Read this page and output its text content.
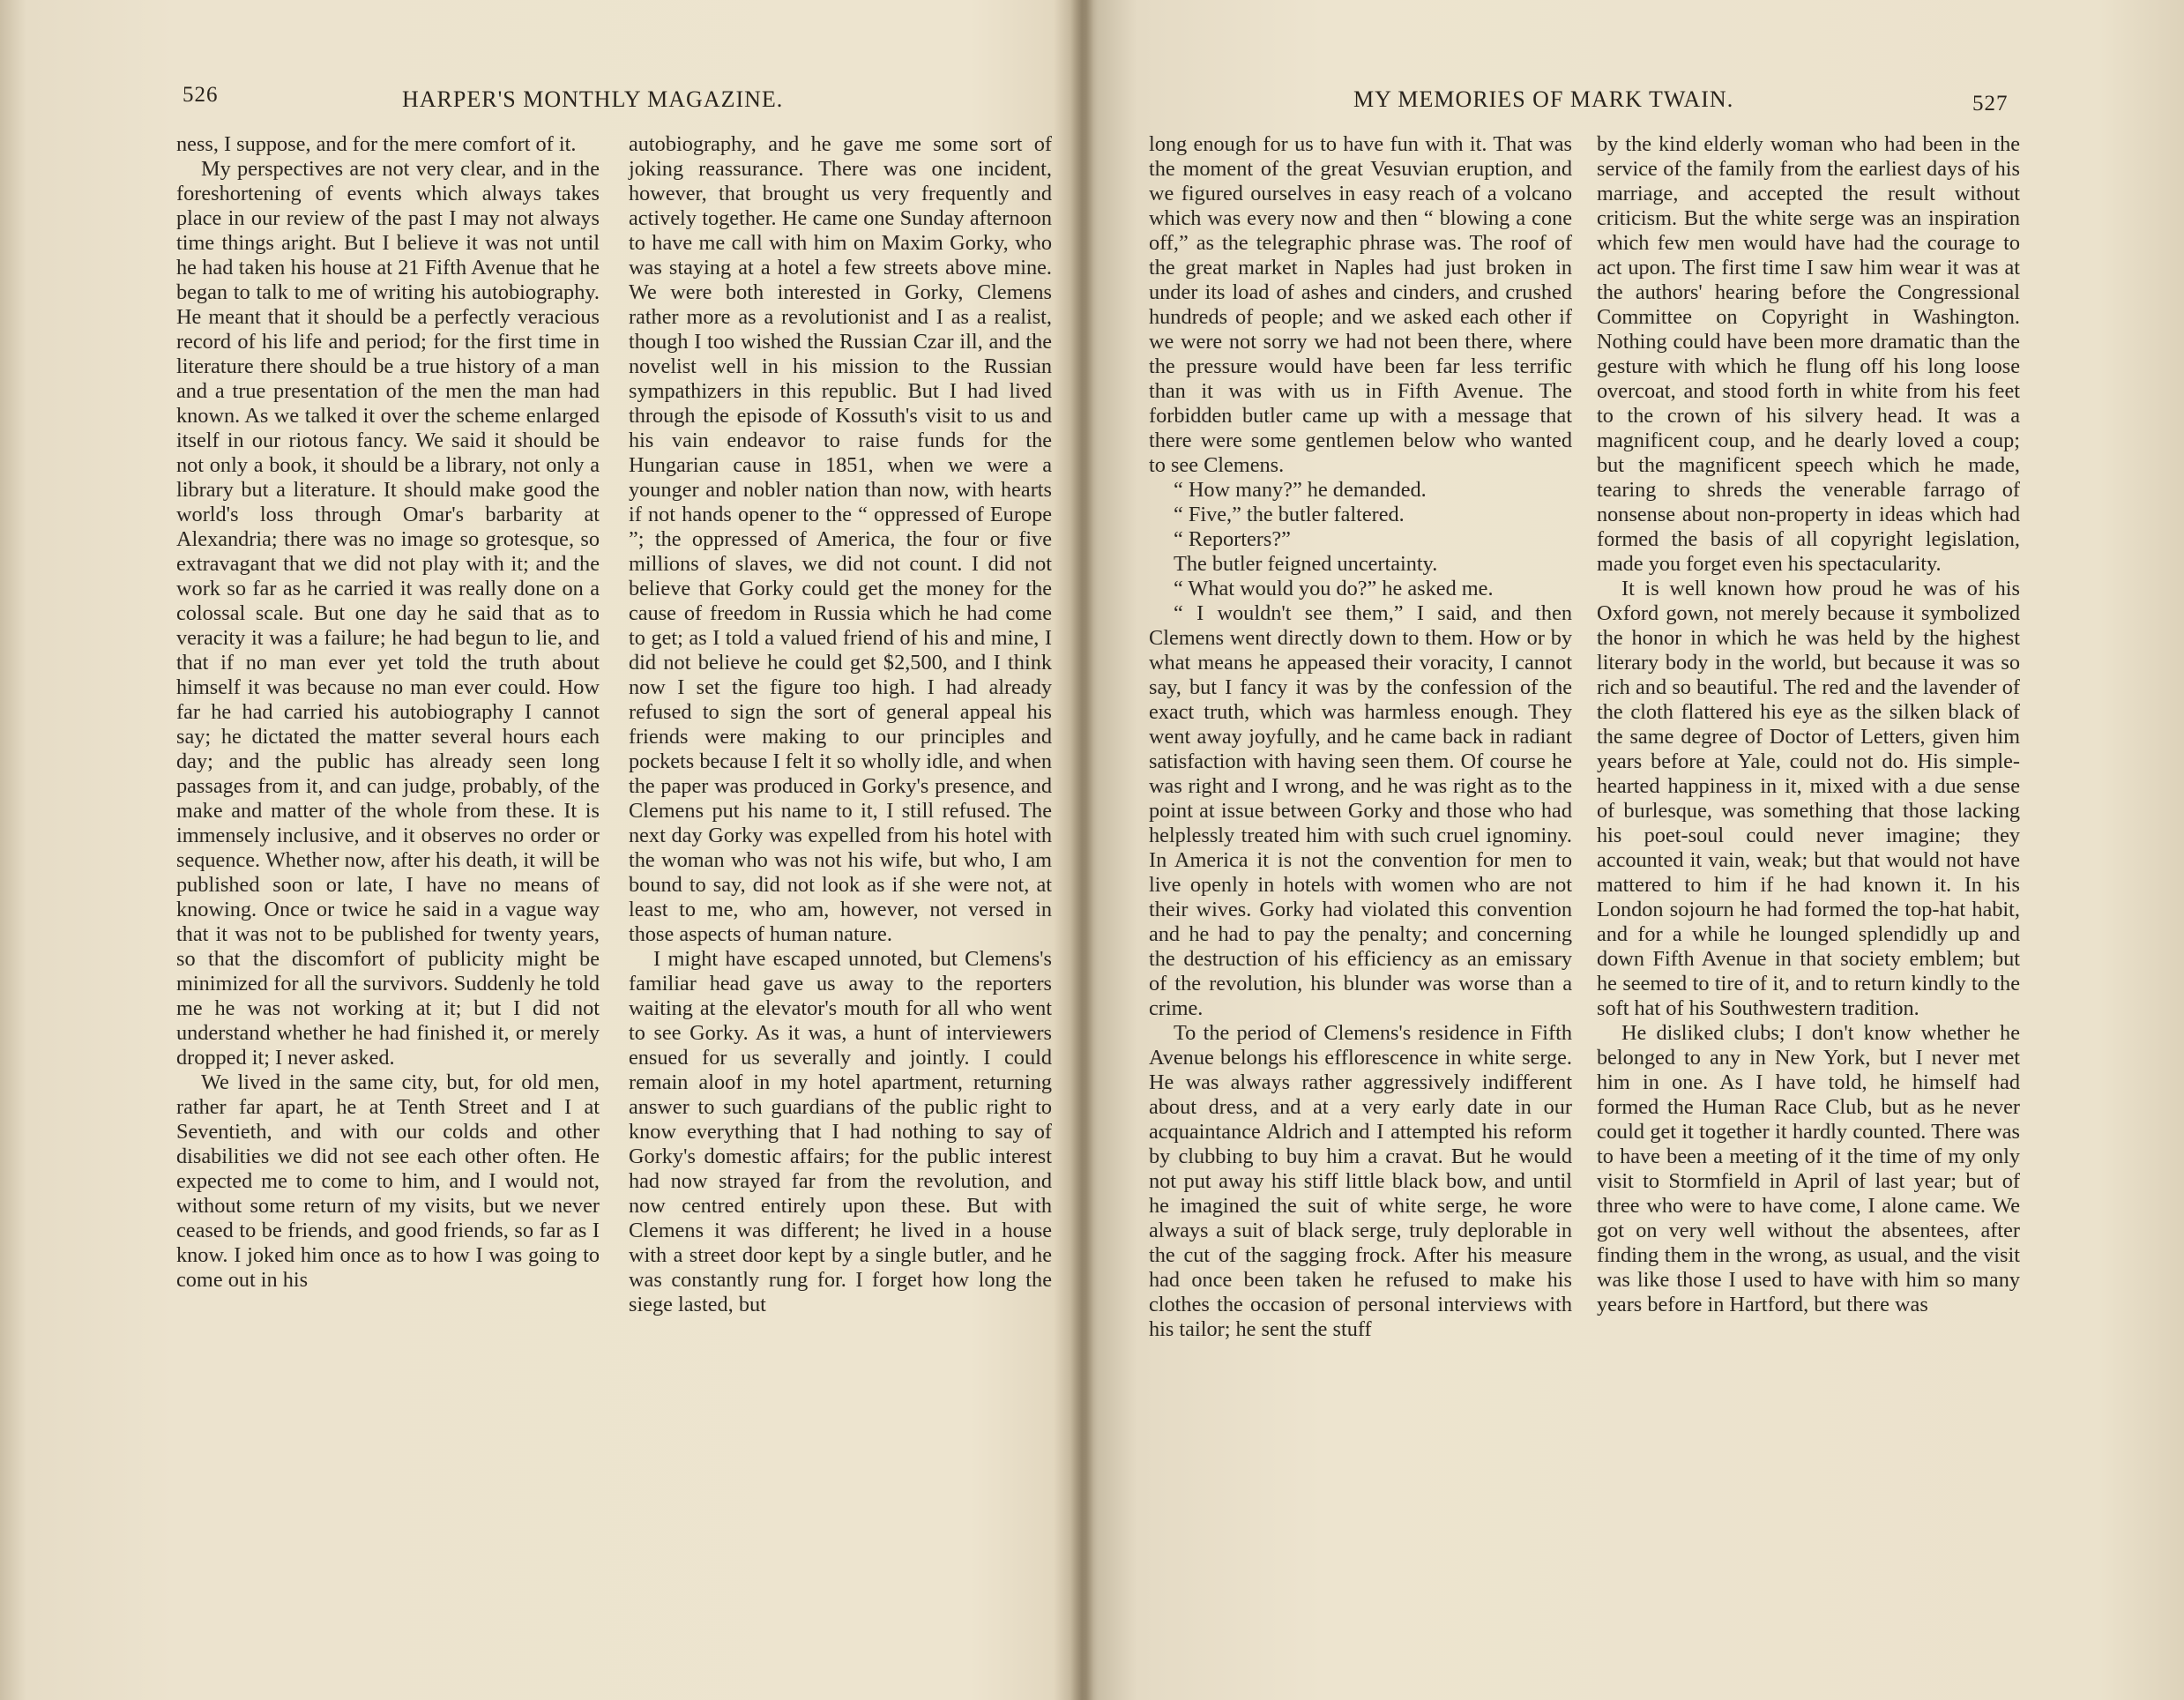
526	HARPER'S MONTHLY MAGAZINE.	MY MEMORIES OF MARK TWAIN.	527

ness, I suppose, and for the mere comfort of it.

My perspectives are not very clear, and in the foreshortening of events which always takes place in our review of the past I may not always time things aright. But I believe it was not until he had taken his house at 21 Fifth Avenue that he began to talk to me of writing his autobiography. He meant that it should be a perfectly veracious record of his life and period; for the first time in literature there should be a true history of a man and a true presentation of the men the man had known. As we talked it over the scheme enlarged itself in our riotous fancy. We said it should be not only a book, it should be a library, not only a library but a literature. It should make good the world's loss through Omar's barbarity at Alexandria; there was no image so grotesque, so extravagant that we did not play with it; and the work so far as he carried it was really done on a colossal scale. But one day he said that as to veracity it was a failure; he had begun to lie, and that if no man ever yet told the truth about himself it was because no man ever could. How far he had carried his autobiography I cannot say; he dictated the matter several hours each day; and the public has already seen long passages from it, and can judge, probably, of the make and matter of the whole from these. It is immensely inclusive, and it observes no order or sequence. Whether now, after his death, it will be published soon or late, I have no means of knowing. Once or twice he said in a vague way that it was not to be published for twenty years, so that the discomfort of publicity might be minimized for all the survivors. Suddenly he told me he was not working at it; but I did not understand whether he had finished it, or merely dropped it; I never asked.

We lived in the same city, but, for old men, rather far apart, he at Tenth Street and I at Seventieth, and with our colds and other disabilities we did not see each other often. He expected me to come to him, and I would not, without some return of my visits, but we never ceased to be friends, and good friends, so far as I know. I joked him once as to how I was going to come out in his

autobiography, and he gave me some sort of joking reassurance. There was one incident, however, that brought us very frequently and actively together. He came one Sunday afternoon to have me call with him on Maxim Gorky, who was staying at a hotel a few streets above mine. We were both interested in Gorky, Clemens rather more as a revolutionist and I as a realist, though I too wished the Russian Czar ill, and the novelist well in his mission to the Russian sympathizers in this republic. But I had lived through the episode of Kossuth's visit to us and his vain endeavor to raise funds for the Hungarian cause in 1851, when we were a younger and nobler nation than now, with hearts if not hands opener to the “ oppressed of Europe ”; the oppressed of America, the four or five millions of slaves, we did not count. I did not believe that Gorky could get the money for the cause of freedom in Russia which he had come to get; as I told a valued friend of his and mine, I did not believe he could get $2,500, and I think now I set the figure too high. I had already refused to sign the sort of general appeal his friends were making to our principles and pockets because I felt it so wholly idle, and when the paper was produced in Gorky's presence, and Clemens put his name to it, I still refused. The next day Gorky was expelled from his hotel with the woman who was not his wife, but who, I am bound to say, did not look as if she were not, at least to me, who am, however, not versed in those aspects of human nature.

I might have escaped unnoted, but Clemens's familiar head gave us away to the reporters waiting at the elevator's mouth for all who went to see Gorky. As it was, a hunt of interviewers ensued for us severally and jointly. I could remain aloof in my hotel apartment, returning answer to such guardians of the public right to know everything that I had nothing to say of Gorky's domestic affairs; for the public interest had now strayed far from the revolution, and now centred entirely upon these. But with Clemens it was different; he lived in a house with a street door kept by a single butler, and he was constantly rung for. I forget how long the siege lasted, but

long enough for us to have fun with it. That was the moment of the great Vesuvian eruption, and we figured ourselves in easy reach of a volcano which was every now and then “ blowing a cone off,” as the telegraphic phrase was. The roof of the great market in Naples had just broken in under its load of ashes and cinders, and crushed hundreds of people; and we asked each other if we were not sorry we had not been there, where the pressure would have been far less terrific than it was with us in Fifth Avenue. The forbidden butler came up with a message that there were some gentlemen below who wanted to see Clemens.

“ How many?” he demanded.

“ Five,” the butler faltered.

“ Reporters?”

The butler feigned uncertainty.

“ What would you do?” he asked me.

“ I wouldn't see them,” I said, and then Clemens went directly down to them. How or by what means he appeased their voracity, I cannot say, but I fancy it was by the confession of the exact truth, which was harmless enough. They went away joyfully, and he came back in radiant satisfaction with having seen them. Of course he was right and I wrong, and he was right as to the point at issue between Gorky and those who had helplessly treated him with such cruel ignominy. In America it is not the convention for men to live openly in hotels with women who are not their wives. Gorky had violated this convention and he had to pay the penalty; and concerning the destruction of his efficiency as an emissary of the revolution, his blunder was worse than a crime.

To the period of Clemens's residence in Fifth Avenue belongs his efflorescence in white serge. He was always rather aggressively indifferent about dress, and at a very early date in our acquaintance Aldrich and I attempted his reform by clubbing to buy him a cravat. But he would not put away his stiff little black bow, and until he imagined the suit of white serge, he wore always a suit of black serge, truly deplorable in the cut of the sagging frock. After his measure had once been taken he refused to make his clothes the occasion of personal interviews with his tailor; he sent the stuff

by the kind elderly woman who had been in the service of the family from the earliest days of his marriage, and accepted the result without criticism. But the white serge was an inspiration which few men would have had the courage to act upon. The first time I saw him wear it was at the authors' hearing before the Congressional Committee on Copyright in Washington. Nothing could have been more dramatic than the gesture with which he flung off his long loose overcoat, and stood forth in white from his feet to the crown of his silvery head. It was a magnificent coup, and he dearly loved a coup; but the magnificent speech which he made, tearing to shreds the venerable farrago of nonsense about non-property in ideas which had formed the basis of all copyright legislation, made you forget even his spectacularity.

It is well known how proud he was of his Oxford gown, not merely because it symbolized the honor in which he was held by the highest literary body in the world, but because it was so rich and so beautiful. The red and the lavender of the cloth flattered his eye as the silken black of the same degree of Doctor of Letters, given him years before at Yale, could not do. His simple-hearted happiness in it, mixed with a due sense of burlesque, was something that those lacking his poet-soul could never imagine; they accounted it vain, weak; but that would not have mattered to him if he had known it. In his London sojourn he had formed the top-hat habit, and for a while he lounged splendidly up and down Fifth Avenue in that society emblem; but he seemed to tire of it, and to return kindly to the soft hat of his Southwestern tradition.

He disliked clubs; I don't know whether he belonged to any in New York, but I never met him in one. As I have told, he himself had formed the Human Race Club, but as he never could get it together it hardly counted. There was to have been a meeting of it the time of my only visit to Stormfield in April of last year; but of three who were to have come, I alone came. We got on very well without the absentees, after finding them in the wrong, as usual, and the visit was like those I used to have with him so many years before in Hartford, but there was
